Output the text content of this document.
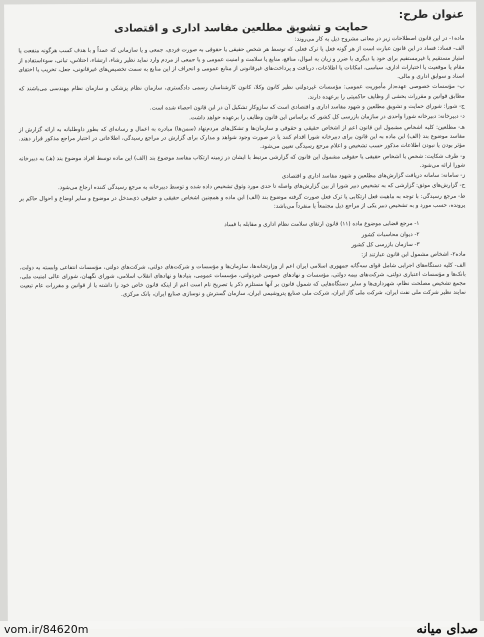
عنوان طرح:
حمایت و تشویق مطلعین مفاسد اداری و اقتصادی

ماده۱- در این قانون اصطلاحات زیر در معانی مشروح ذیل به کار می‌روند:

الف- فساد: فساد در این قانون عبارت است از هر گونه فعل یا ترک فعلی که توسط هر شخص حقیقی یا حقوقی به صورت فردی، جمعی و یا سازمانی که عمداً و با هدف کسب هرگونه منفعت یا امتیاز مستقیم یا غیرمستقیم برای خود یا دیگری با ضرر و زیان به اموال، منافع، منابع یا سلامت و امنیت عمومی و یا جمعی از مردم وارد نماید نظیر رشاء، ارتشاء، اختلاس، تبانی، سوءاستفاده از مقام یا موقعیت یا اختیارات اداری، سیاسی، امکانات یا اطلاعات، دریافت و پرداخت‌های غیرقانونی از منابع عمومی و انحراف از این منابع به سمت تخصیص‌های غیرقانونی، جعل، تخریب یا اختفای اسناد و سوابق اداری و مالی.

ب- مؤسسات خصوصی عهده‌دار مأموریت عمومی: مؤسسات غیردولتی نظیر کانون وکلا، کانون کارشناسان رسمی دادگستری، سازمان نظام پزشکی و سازمان نظام مهندسی می‌باشند که مطابق قوانین و مقررات بخشی از وظایف حاکمیتی را برعهده دارند.

ج- شورا: شورای حمایت و تشویق مطلعین و شهود مفاسد اداری و اقتصادی است که سازوکار تشکیل آن در این قانون احصاء شده است.

د- دبیرخانه: دبیرخانه شورا واحدی در سازمان بازرسی کل کشور که براساس این قانون وظایف را برعهده خواهد داشت.

هـ- مطلعین: کلیه اشخاص مشمول این قانون اعم از اشخاص حقیقی و حقوقی و سازمان‌ها و تشکل‌های مردم‌نهاد (سمن‌ها) مبادره به اعمال و رسانه‌ای که بطور داوطلبانه به ارائه گزارش از مفاسد موضوع بند (الف) این ماده به این قانون برای دبیرخانه شورا اقدام کنند یا در صورت وجود شواهد و مدارک برای گزارش در مراجع رسیدگی، اطلاعاتی در اختیار مراجع مذکور قرار دهند. مؤثر بودن یا نبودن اطلاعات مذکور حسب تشخیص و اعلام مرجع رسیدگی تعیین می‌شود.

و- طرف شکایت: شخص یا اشخاص حقیقی یا حقوقی مشمول این قانون که گزارشی مرتبط با ایشان در زمینه ارتکاب مفاسد موضوع بند (الف) این ماده توسط افراد موضوع بند (هـ) به دبیرخانه شورا ارائه می‌شود.

ز- سامانه: سامانه دریافت گزارش‌های مطلعین و شهود مفاسد اداری و اقتصادی

ح- گزارش‌های موثق: گزارشی که به تشخیص دبیر شورا از بین گزارش‌های واصله تا حدی مورد وثوق تشخیص داده شده و توسط دبیرخانه به مرجع رسیدگی کننده ارجاع می‌شود.

ط- مرجع رسیدگی: با توجه به ماهیت فعل ارتکابی یا ترک فعل صورت گرفته موضوع بند (الف) این ماده و همچنین اشخاص حقیقی و حقوقی ذی‌مدخل در موضوع و سایر اوضاع و احوال حاکم بر پرونده، حسب مورد و به تشخیص دبیر یکی از مراجع ذیل مجتمعاً یا منفرداً می‌باشد:

۱- مرجع قضایی موضوع ماده (۱۱) قانون ارتقای سلامت نظام اداری و مقابله با فساد

۲- دیوان محاسبات کشور

۳- سازمان بازرسی کل کشور

ماده۲- اشخاص مشمول این قانون عبارتند از:

الف- کلیه دستگاه‌های اجرایی شامل قوای سه‌گانه جمهوری اسلامی ایران اعم از وزارتخانه‌ها، سازمان‌ها و مؤسسات و شرکت‌های دولتی، شرکت‌های دولتی، مؤسسات انتفاعی وابسته به دولت، بانک‌ها و مؤسسات اعتباری دولتی، شرکت‌های بیمه دولتی، مؤسسات و نهادهای عمومی غیردولتی، مؤسسات عمومی، بنیادها و نهادهای انقلاب اسلامی، شورای نگهبان، شورای عالی امنیت ملی، مجمع تشخیص مصلحت نظام، شهرداری‌ها و سایر دستگاه‌هایی که شمول قانون بر آنها مستلزم ذکر یا تصریح نام است اعم از اینکه قانون خاص خود را داشته یا از قوانین و مقررات عام تبعیت نمایند نظیر شرکت ملی نفت ایران، شرکت ملی گاز ایران، شرکت ملی صنایع پتروشیمی ایران، سازمان گسترش و نوسازی صنایع ایران، بانک مرکزی.

vom.ir/84620m	صدای میانه
